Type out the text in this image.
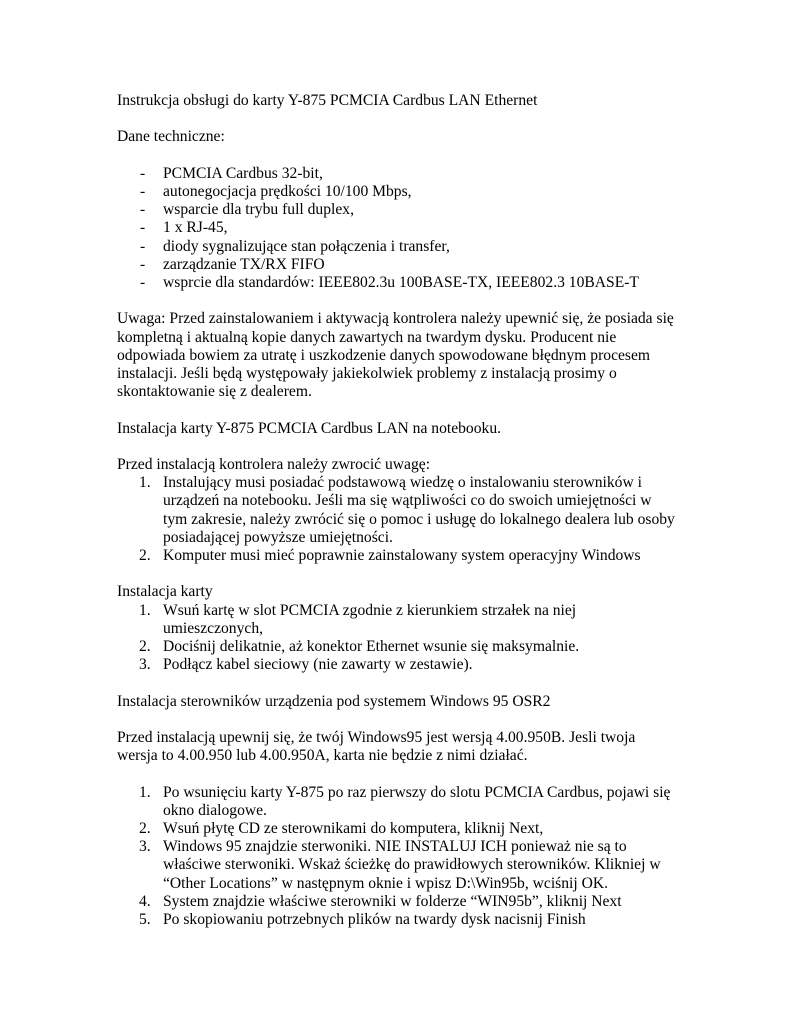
Instrukcja obsługi do karty Y-875 PCMCIA Cardbus LAN Ethernet

Dane techniczne:

- PCMCIA Cardbus 32-bit,
- autonegocjacja prędkości 10/100 Mbps,
- wsparcie dla trybu full duplex,
- 1 x RJ-45,
- diody sygnalizujące stan połączenia i transfer,
- zarządzanie TX/RX FIFO
- wsprcie dla standardów: IEEE802.3u 100BASE-TX, IEEE802.3 10BASE-T

Uwaga: Przed zainstalowaniem i aktywacją kontrolera należy upewnić się, że posiada się kompletną i aktualną kopie danych zawartych na twardym dysku. Producent nie odpowiada bowiem za utratę i uszkodzenie danych spowodowane błędnym procesem instalacji. Jeśli będą występowały jakiekolwiek problemy z instalacją prosimy o skontaktowanie się z dealerem.

Instalacja karty Y-875 PCMCIA Cardbus LAN na notebooku.

Przed instalacją kontrolera należy zwrocić uwagę:

1. Instalujący musi posiadać podstawową wiedzę o instalowaniu sterowników i urządzeń na notebooku. Jeśli ma się wątpliwości co do swoich umiejętności w tym zakresie, należy zwrócić się o pomoc i usługę do lokalnego dealera lub osoby posiadającej powyższe umiejętności.
2. Komputer musi mieć poprawnie zainstalowany system operacyjny Windows

Instalacja karty

1. Wsuń kartę w slot PCMCIA zgodnie z kierunkiem strzałek na niej umieszczonych,
2. Dociśnij delikatnie, aż konektor Ethernet wsunie się maksymalnie.
3. Podłącz kabel sieciowy (nie zawarty w zestawie).

Instalacja sterowników urządzenia pod systemem Windows 95 OSR2

Przed instalacją upewnij się, że twój Windows95 jest wersją 4.00.950B. Jesli twoja wersja to 4.00.950 lub 4.00.950A, karta nie będzie z nimi działać.

1. Po wsunięciu karty Y-875 po raz pierwszy do slotu PCMCIA Cardbus, pojawi się okno dialogowe.
2. Wsuń płytę CD ze sterownikami do komputera, kliknij Next,
3. Windows 95 znajdzie sterwoniki. NIE INSTALUJ ICH ponieważ nie są to właściwe sterwoniki. Wskaż ścieżkę do prawidłowych sterowników. Klikniej w “Other Locations” w następnym oknie i wpisz D:\Win95b, wciśnij OK.
4. System znajdzie właściwe sterowniki w folderze “WIN95b”, kliknij Next
5. Po skopiowaniu potrzebnych plików na twardy dysk nacisnij Finish
